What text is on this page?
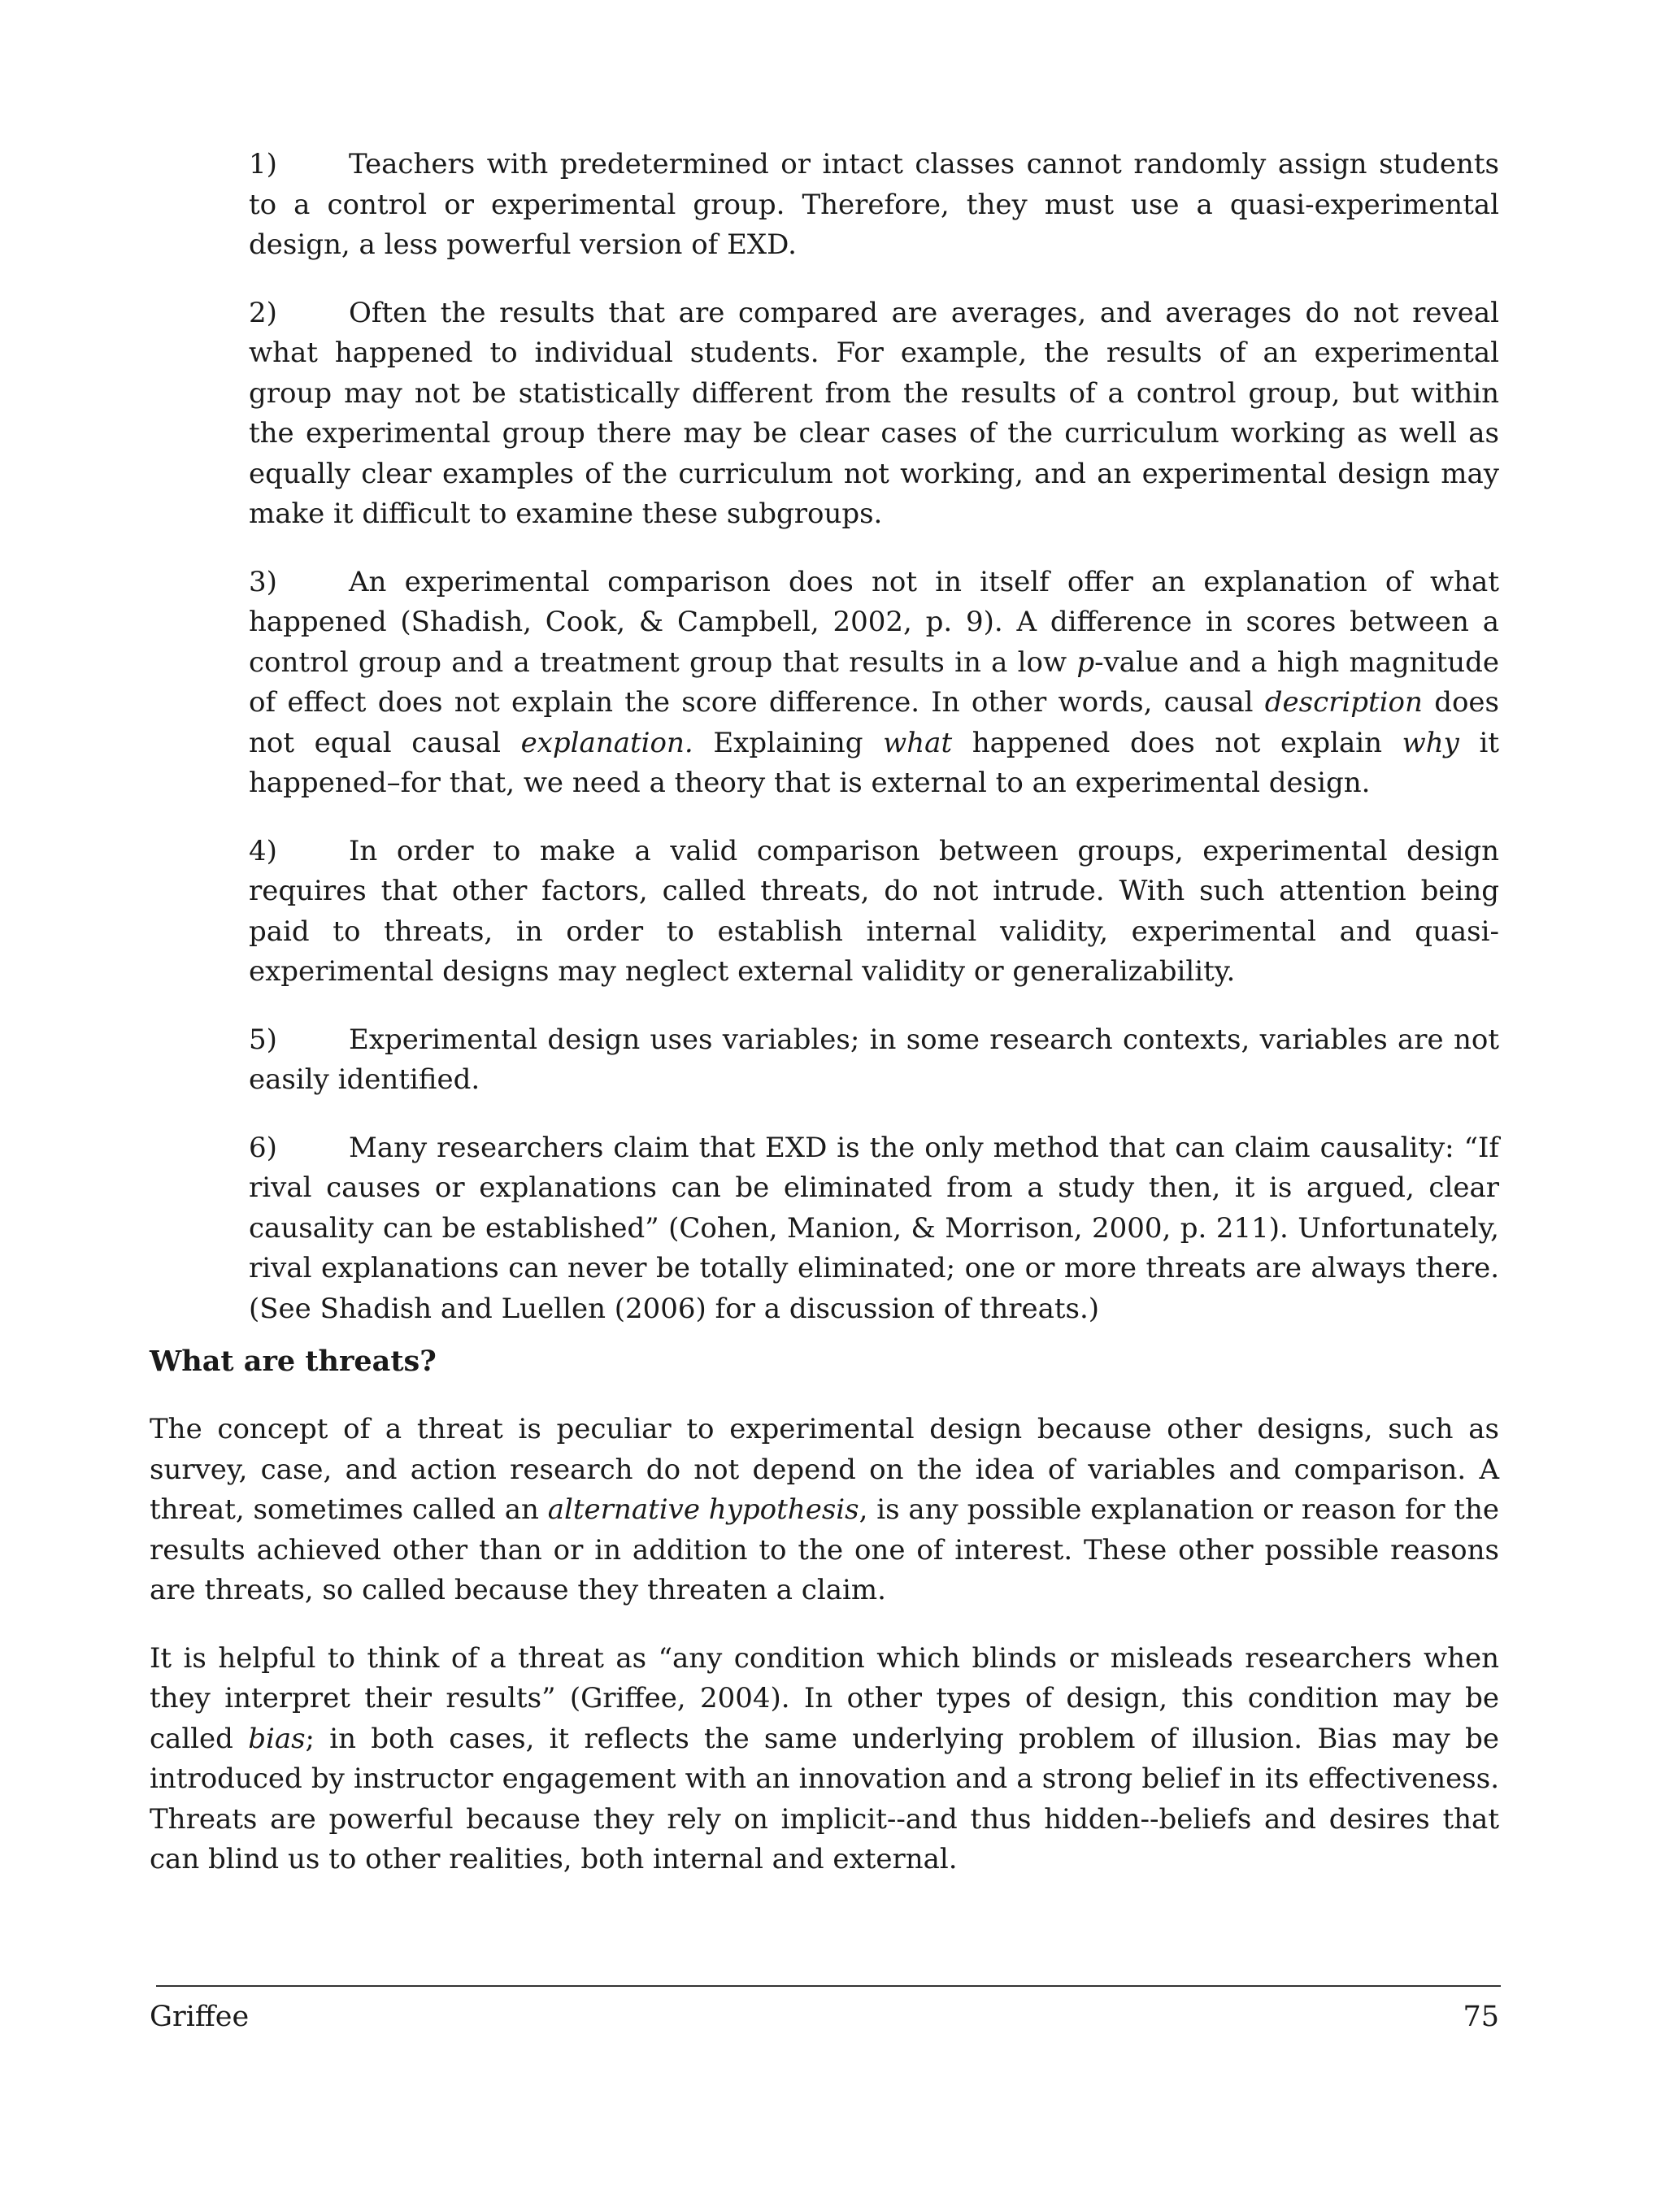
1)	Teachers with predetermined or intact classes cannot randomly assign students to a control or experimental group. Therefore, they must use a quasi-experimental design, a less powerful version of EXD.

2)	Often the results that are compared are averages, and averages do not reveal what happened to individual students. For example, the results of an experimental group may not be statistically different from the results of a control group, but within the experimental group there may be clear cases of the curriculum working as well as equally clear examples of the curriculum not working, and an experimental design may make it difficult to examine these subgroups.

3)	An experimental comparison does not in itself offer an explanation of what happened (Shadish, Cook, & Campbell, 2002, p. 9). A difference in scores between a control group and a treatment group that results in a low p-value and a high magnitude of effect does not explain the score difference. In other words, causal description does not equal causal explanation. Explaining what happened does not explain why it happened–for that, we need a theory that is external to an experimental design.

4)	In order to make a valid comparison between groups, experimental design requires that other factors, called threats, do not intrude. With such attention being paid to threats, in order to establish internal validity, experimental and quasi-experimental designs may neglect external validity or generalizability.

5)	Experimental design uses variables; in some research contexts, variables are not easily identified.

6)	Many researchers claim that EXD is the only method that can claim causality: “If rival causes or explanations can be eliminated from a study then, it is argued, clear causality can be established” (Cohen, Manion, & Morrison, 2000, p. 211). Unfortunately, rival explanations can never be totally eliminated; one or more threats are always there. (See Shadish and Luellen (2006) for a discussion of threats.)

What are threats?

The concept of a threat is peculiar to experimental design because other designs, such as survey, case, and action research do not depend on the idea of variables and comparison. A threat, sometimes called an alternative hypothesis, is any possible explanation or reason for the results achieved other than or in addition to the one of interest. These other possible reasons are threats, so called because they threaten a claim.

It is helpful to think of a threat as “any condition which blinds or misleads researchers when they interpret their results” (Griffee, 2004). In other types of design, this condition may be called bias; in both cases, it reflects the same underlying problem of illusion. Bias may be introduced by instructor engagement with an innovation and a strong belief in its effectiveness. Threats are powerful because they rely on implicit--and thus hidden--beliefs and desires that can blind us to other realities, both internal and external.

Griffee	75
